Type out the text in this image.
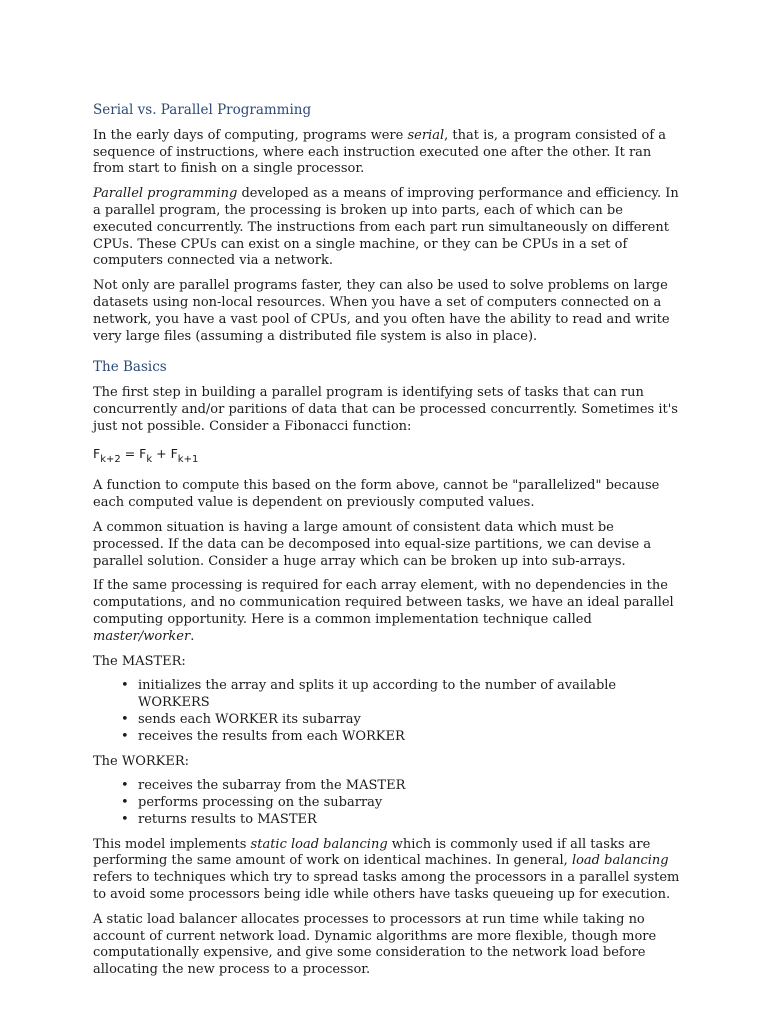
Serial vs. Parallel Programming

In the early days of computing, programs were serial, that is, a program consisted of a sequence of instructions, where each instruction executed one after the other. It ran from start to finish on a single processor.

Parallel programming developed as a means of improving performance and efficiency. In a parallel program, the processing is broken up into parts, each of which can be executed concurrently. The instructions from each part run simultaneously on different CPUs. These CPUs can exist on a single machine, or they can be CPUs in a set of computers connected via a network.

Not only are parallel programs faster, they can also be used to solve problems on large datasets using non-local resources. When you have a set of computers connected on a network, you have a vast pool of CPUs, and you often have the ability to read and write very large files (assuming a distributed file system is also in place).

The Basics

The first step in building a parallel program is identifying sets of tasks that can run concurrently and/or paritions of data that can be processed concurrently. Sometimes it's just not possible. Consider a Fibonacci function:

$F_{k+2} = F_k + F_{k+1}$

A function to compute this based on the form above, cannot be "parallelized" because each computed value is dependent on previously computed values.

A common situation is having a large amount of consistent data which must be processed. If the data can be decomposed into equal-size partitions, we can devise a parallel solution. Consider a huge array which can be broken up into sub-arrays.

If the same processing is required for each array element, with no dependencies in the computations, and no communication required between tasks, we have an ideal parallel computing opportunity. Here is a common implementation technique called master/worker.

The MASTER:

• initializes the array and splits it up according to the number of available WORKERS
• sends each WORKER its subarray
• receives the results from each WORKER

The WORKER:

• receives the subarray from the MASTER
• performs processing on the subarray
• returns results to MASTER

This model implements static load balancing which is commonly used if all tasks are performing the same amount of work on identical machines. In general, load balancing refers to techniques which try to spread tasks among the processors in a parallel system to avoid some processors being idle while others have tasks queueing up for execution.

A static load balancer allocates processes to processors at run time while taking no account of current network load. Dynamic algorithms are more flexible, though more computationally expensive, and give some consideration to the network load before allocating the new process to a processor.
